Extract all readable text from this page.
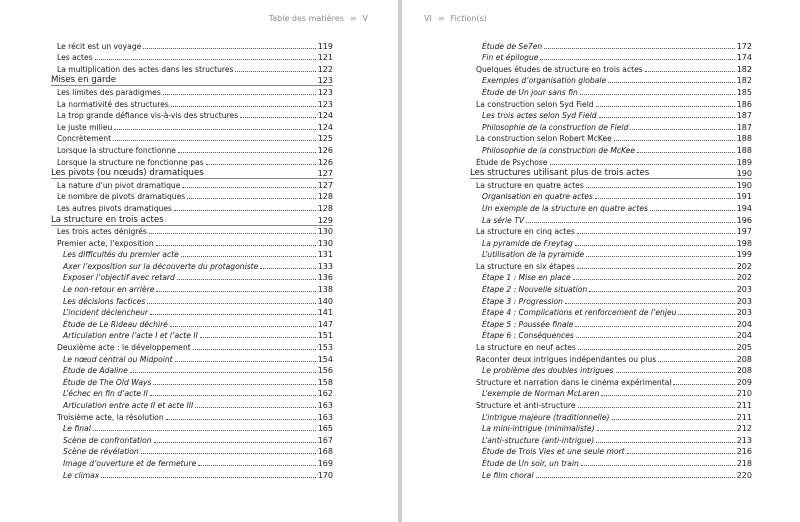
Table des matières ≡ V
Le récit est un voyage	119
Les actes	121
La multiplication des actes dans les structures	122
Mises en garde	123
Les limites des paradigmes	123
La normativité des structures	123
La trop grande défiance vis-à-vis des structures	124
Le juste milieu	124
Concrètement	125
Lorsque la structure fonctionne	126
Lorsque la structure ne fonctionne pas	126
Les pivots (ou nœuds) dramatiques	127
La nature d’un pivot dramatique	127
Le nombre de pivots dramatiques	128
Les autres pivots dramatiques	128
La structure en trois actes	129
Les trois actes dénigrés	130
Premier acte, l’exposition	130
Les difficultés du premier acte	131
Axer l’exposition sur la découverte du protagoniste	133
Exposer l’objectif avec retard	136
Le non-retour en arrière	138
Les décisions factices	140
L’incident déclencheur	141
Étude de Le Rideau déchiré	147
Articulation entre l’acte I et l’acte II	151
Deuxième acte : le développement	153
Le nœud central ou Midpoint	154
Étude de Adaline	156
Étude de The Old Ways	158
L’échec en fin d’acte II	162
Articulation entre acte II et acte III	163
Troisième acte, la résolution	163
Le final	165
Scène de confrontation	167
Scène de révélation	168
Image d’ouverture et de fermeture	169
Le climax	170
VI ≡ Fiction(s)
Étude de Se7en	172
Fin et épilogue	174
Quelques études de structure en trois actes	182
Exemples d’organisation globale	182
Étude de Un jour sans fin	185
La construction selon Syd Field	186
Les trois actes selon Syd Field	187
Philosophie de la construction de Field	187
La construction selon Robert McKee	188
Philosophie de la construction de McKee	188
Étude de Psychose	189
Les structures utilisant plus de trois actes	190
La structure en quatre actes	190
Organisation en quatre actes	191
Un exemple de la structure en quatre actes	194
La série TV	196
La structure en cinq actes	197
La pyramide de Freytag	198
L’utilisation de la pyramide	199
La structure en six étapes	202
Étape 1 : Mise en place	202
Étape 2 : Nouvelle situation	203
Étape 3 : Progression	203
Étape 4 : Complications et renforcement de l’enjeu	203
Étape 5 : Poussée finale	204
Étape 6 : Conséquences	204
La structure en neuf actes	205
Raconter deux intrigues indépendantes ou plus	208
Le problème des doubles intrigues	208
Structure et narration dans le cinéma expérimental	209
L’exemple de Norman McLaren	210
Structure et anti-structure	211
L’intrigue majeure (traditionnelle)	211
La mini-intrigue (minimaliste)	212
L’anti-structure (anti-intrigue)	213
Étude de Trois Vies et une seule mort	216
Étude de Un soir, un train	218
Le film choral	220
